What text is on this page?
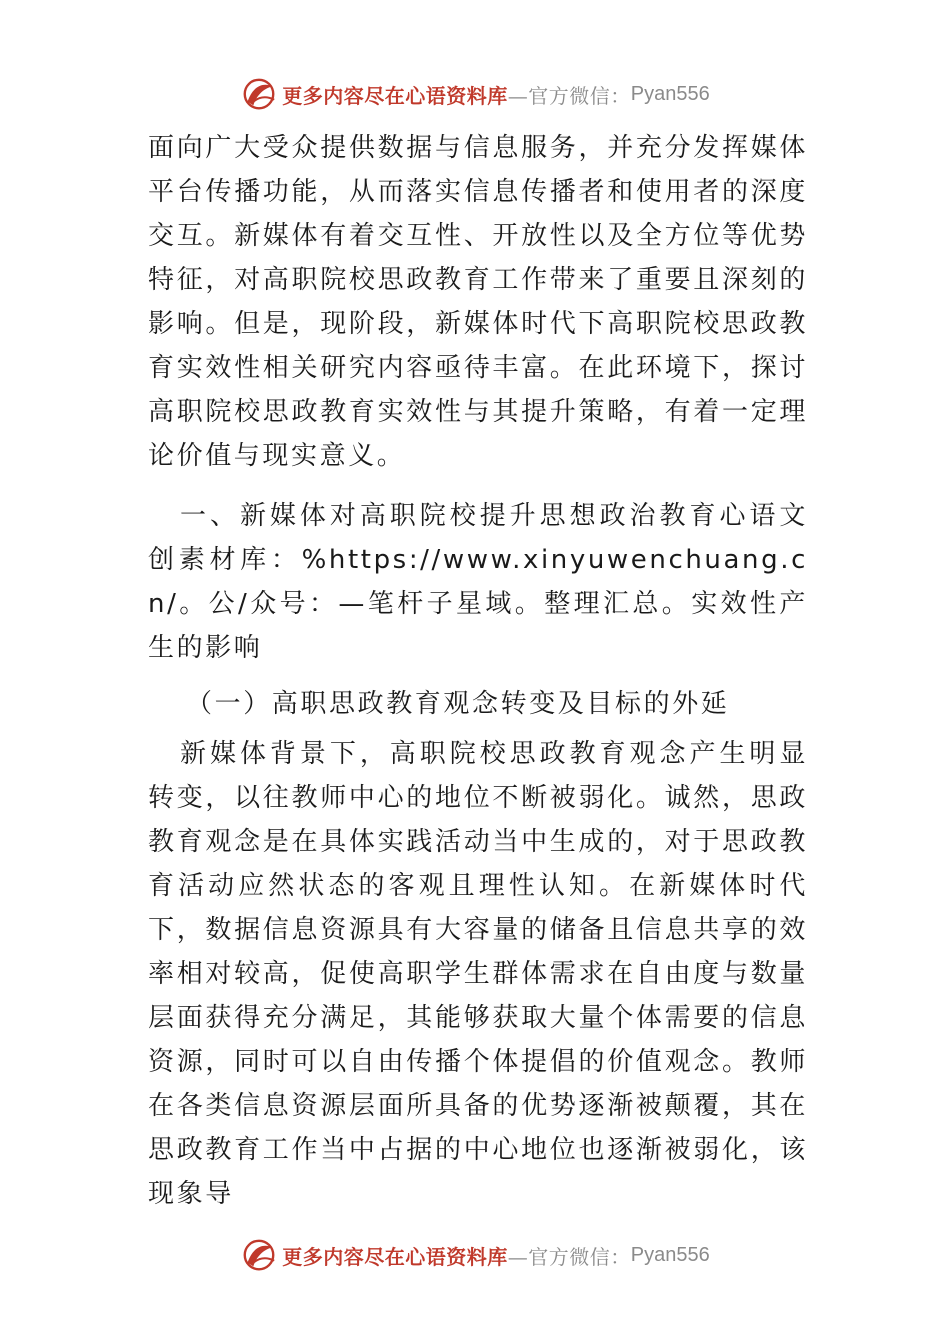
更多内容尽在心语资料库 —官方微信： Pyan556

面向广大受众提供数据与信息服务，并充分发挥媒体平台传播功能，从而落实信息传播者和使用者的深度交互。新媒体有着交互性、开放性以及全方位等优势特征，对高职院校思政教育工作带来了重要且深刻的影响。但是，现阶段，新媒体时代下高职院校思政教育实效性相关研究内容亟待丰富。在此环境下，探讨高职院校思政教育实效性与其提升策略，有着一定理论价值与现实意义。

一、新媒体对高职院校提升思想政治教育心语文创素材库：%https://www.xinyuwenchuang.cn/。公/众号：—笔杆子星域。整理汇总。实效性产生的影响

（一）高职思政教育观念转变及目标的外延

新媒体背景下，高职院校思政教育观念产生明显转变，以往教师中心的地位不断被弱化。诚然，思政教育观念是在具体实践活动当中生成的，对于思政教育活动应然状态的客观且理性认知。在新媒体时代下，数据信息资源具有大容量的储备且信息共享的效率相对较高，促使高职学生群体需求在自由度与数量层面获得充分满足，其能够获取大量个体需要的信息资源，同时可以自由传播个体提倡的价值观念。教师在各类信息资源层面所具备的优势逐渐被颠覆，其在思政教育工作当中占据的中心地位也逐渐被弱化，该现象导

更多内容尽在心语资料库 —官方微信： Pyan556
